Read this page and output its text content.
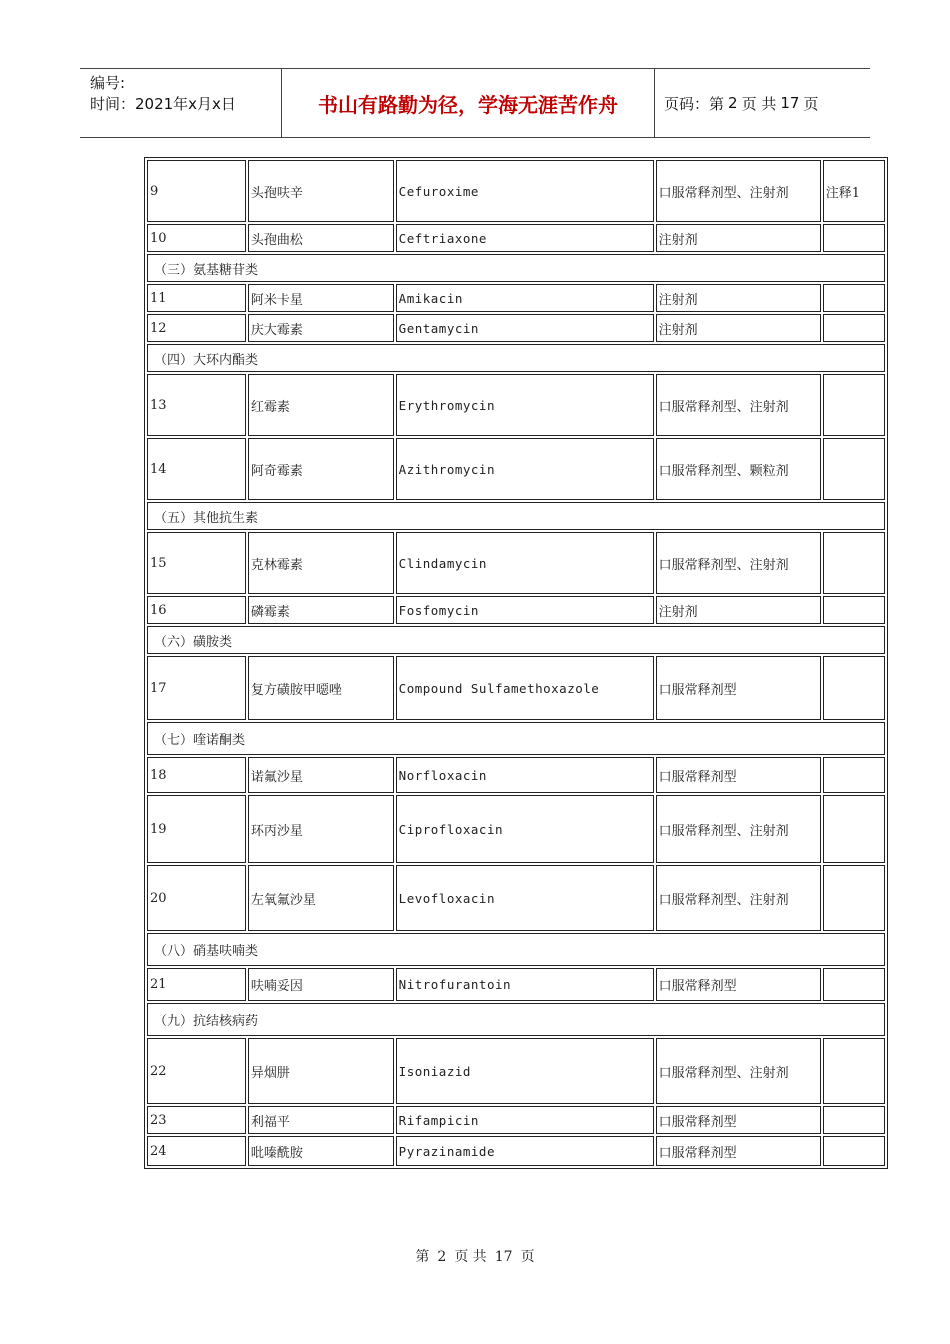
编号:
时间：2021年x月x日	书山有路勤为径，学海无涯苦作舟	页码：第 2 页 共 17 页
9	头孢呋辛	Cefuroxime	口服常释剂型、注射剂	注释1
10	头孢曲松	Ceftriaxone	注射剂	
（三）氨基糖苷类				
11	阿米卡星	Amikacin	注射剂	
12	庆大霉素	Gentamycin	注射剂	
（四）大环内酯类				
13	红霉素	Erythromycin	口服常释剂型、注射剂	
14	阿奇霉素	Azithromycin	口服常释剂型、颗粒剂	
（五）其他抗生素				
15	克林霉素	Clindamycin	口服常释剂型、注射剂	
16	磷霉素	Fosfomycin	注射剂	
（六）磺胺类				
17	复方磺胺甲噁唑	Compound Sulfamethoxazole	口服常释剂型	
（七）喹诺酮类				
18	诺氟沙星	Norfloxacin	口服常释剂型	
19	环丙沙星	Ciprofloxacin	口服常释剂型、注射剂	
20	左氧氟沙星	Levofloxacin	口服常释剂型、注射剂	
（八）硝基呋喃类				
21	呋喃妥因	Nitrofurantoin	口服常释剂型	
（九）抗结核病药				
22	异烟肼	Isoniazid	口服常释剂型、注射剂	
23	利福平	Rifampicin	口服常释剂型	
24	吡嗪酰胺	Pyrazinamide	口服常释剂型	
第 2 页 共 17 页
